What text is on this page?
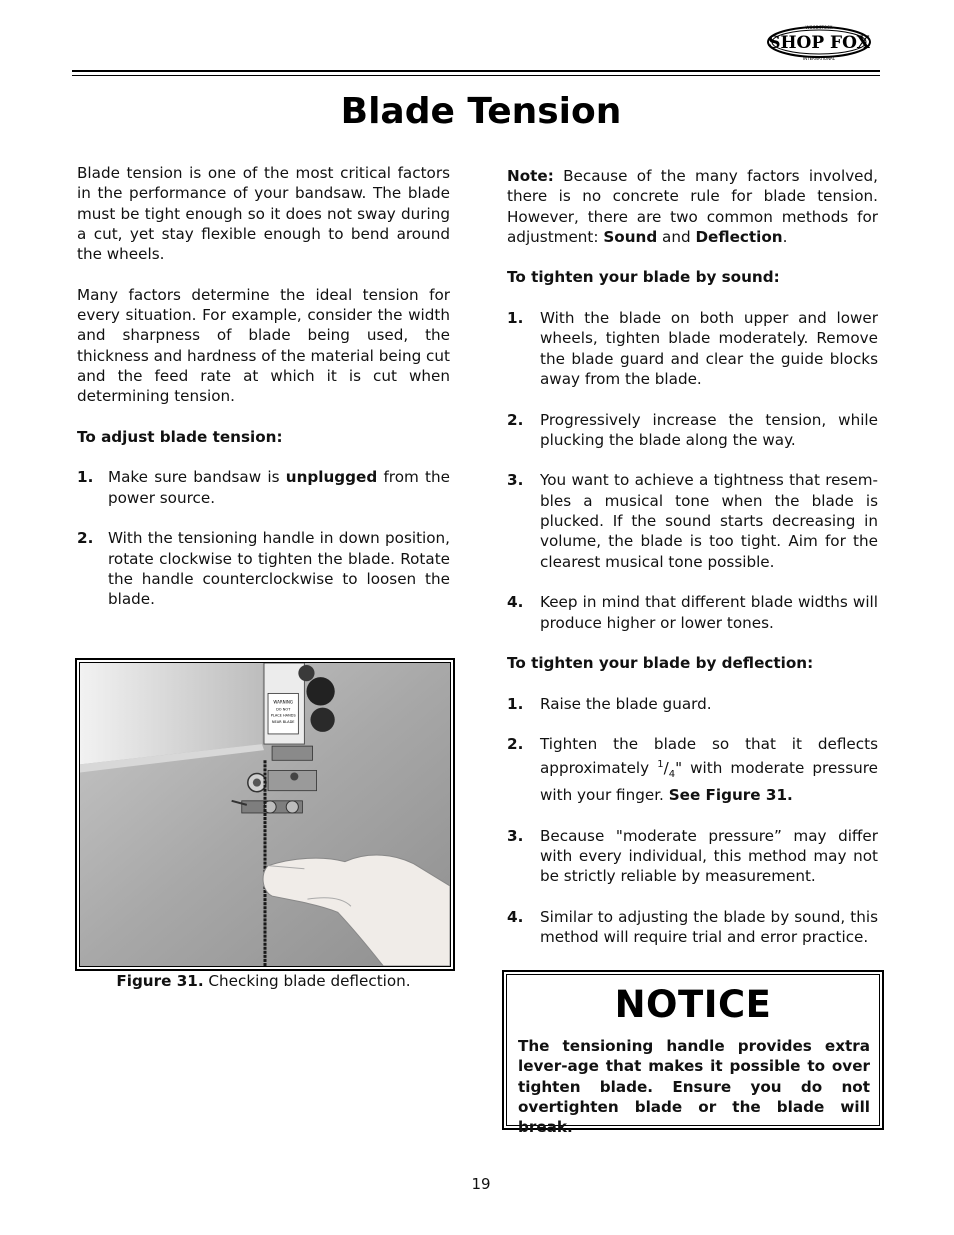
SHOP FOX
WOODSTOCK
INTERNATIONAL
Blade Tension

Blade tension is one of the most critical factors in the performance of your bandsaw. The blade must be tight enough so it does not sway during a cut, yet stay flexible enough to bend around the wheels.

Many factors determine the ideal tension for every situation. For example, consider the width and sharpness of blade being used, the thickness and hardness of the material being cut and the feed rate at which it is cut when determining tension.

To adjust blade tension:
1. Make sure bandsaw is unplugged from the power source.
2. With the tensioning handle in down position, rotate clockwise to tighten the blade. Rotate the handle counterclockwise to loosen the blade.
WARNING
DO NOT
PLACE HANDS
NEAR BLADE
Figure 31. Checking blade deflection.

Note: Because of the many factors involved, there is no concrete rule for blade tension. However, there are two common methods for adjustment: Sound and Deflection.

To tighten your blade by sound:
1.	With the blade on both upper and lower wheels, tighten blade moderately. Remove the blade guard and clear the guide blocks away from the blade.
2.	Progressively increase the tension, while plucking the blade along the way.
3.	You want to achieve a tightness that resem-bles a musical tone when the blade is plucked. If the sound starts decreasing in volume, the blade is too tight. Aim for the clearest musical tone possible.
4.	Keep in mind that different blade widths will produce higher or lower tones.
To tighten your blade by deflection:
1.	Raise the blade guard.
2.	Tighten the blade so that it deflects approximately $^1/_4$" with moderate pressure with your finger. See Figure 31.
3.	Because "moderate pressure” may differ with every individual, this method may not be strictly reliable by measurement.
4.	Similar to adjusting the blade by sound, this method will require trial and error practice.
NOTICE
The tensioning handle provides extra lever-age that makes it possible to over tighten blade. Ensure you do not overtighten blade or the blade will break.
19
